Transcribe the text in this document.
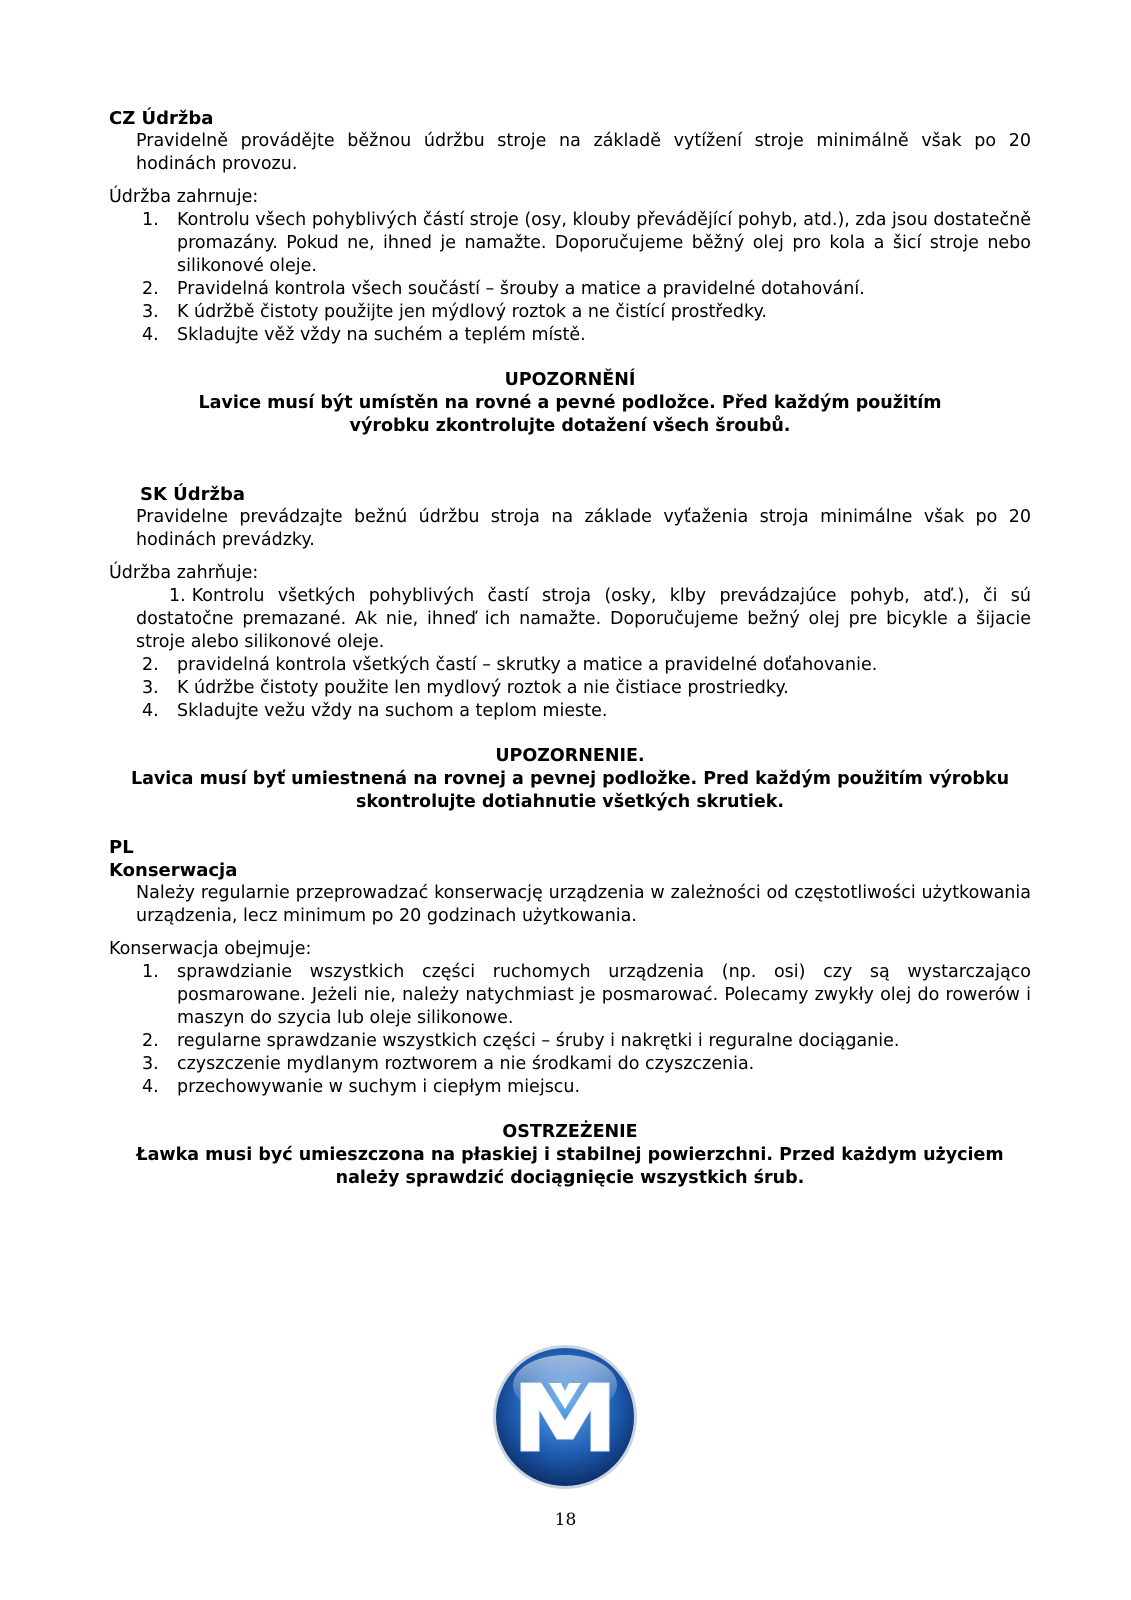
CZ Údržba
Pravidelně provádějte běžnou údržbu stroje na základě vytížení stroje minimálně však po 20 hodinách provozu.
Údržba zahrnuje:
1. Kontrolu všech pohyblivých částí stroje (osy, klouby převádějící pohyb, atd.), zda jsou dostatečně promazány. Pokud ne, ihned je namažte. Doporučujeme běžný olej pro kola a šicí stroje nebo silikonové oleje.
2. Pravidelná kontrola všech součástí – šrouby a matice a pravidelné dotahování.
3. K údržbě čistoty použijte jen mýdlový roztok a ne čistící prostředky.
4. Skladujte věž vždy na suchém a teplém místě.
UPOZORNĚNÍ
Lavice musí být umístěn na rovné a pevné podložce. Před každým použitím výrobku zkontrolujte dotažení všech šroubů.
SK Údržba
Pravidelne prevádzajte bežnú údržbu stroja na základe vyťaženia stroja minimálne však po 20 hodinách prevádzky.
Údržba zahrňuje:
1. Kontrolu všetkých pohyblivých častí stroja (osky, klby prevádzajúce pohyb, atď.), či sú dostatočne premazané. Ak nie, ihneď ich namažte. Doporučujeme bežný olej pre bicykle a šijacie stroje alebo silikonové oleje.
2. pravidelná kontrola všetkých častí – skrutky a matice a pravidelné doťahovanie.
3. K údržbe čistoty použite len mydlový roztok a nie čistiace prostriedky.
4. Skladujte vežu vždy na suchom a teplom mieste.
UPOZORNENIE.
Lavica musí byť umiestnená na rovnej a pevnej podložke. Pred každým použitím výrobku skontrolujte dotiahnutie všetkých skrutiek.
PL
Konserwacja
Należy regularnie przeprowadzać konserwację urządzenia w zależności od częstotliwości użytkowania urządzenia, lecz minimum po 20 godzinach użytkowania.
Konserwacja obejmuje:
1. sprawdzianie wszystkich części ruchomych urządzenia (np. osi) czy są wystarczająco posmarowane. Jeżeli nie, należy natychmiast je posmarować. Polecamy zwykły olej do rowerów i maszyn do szycia lub oleje silikonowe.
2. regularne sprawdzanie wszystkich części – śruby i nakrętki i reguralne dociąganie.
3. czyszczenie mydlanym roztworem a nie środkami do czyszczenia.
4. przechowywanie w suchym i ciepłym miejscu.
OSTRZEŻENIE
Ławka musi być umieszczona na płaskiej i stabilnej powierzchni. Przed każdym użyciem należy sprawdzić dociągnięcie wszystkich śrub.
18
